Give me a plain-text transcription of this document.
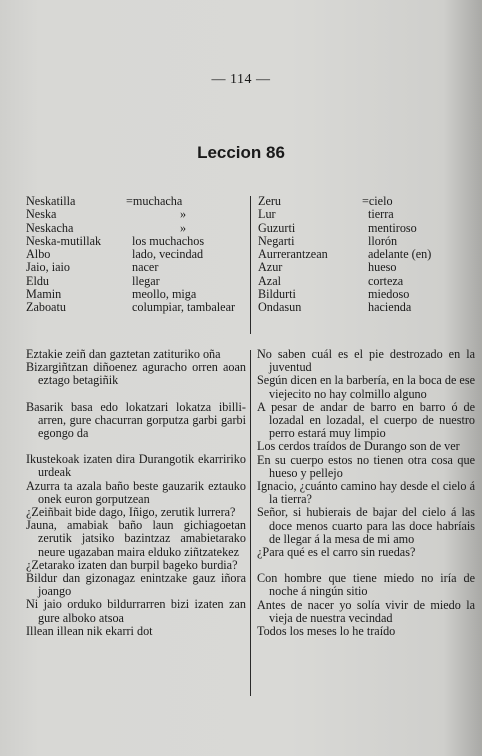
— 114 —
Leccion 86
Neskatilla	=muchacha
Neska	»
Neskacha	»
Neska-mutillak	los muchachos
Albo	lado, vecindad
Jaio, iaio	nacer
Eldu	llegar
Mamin	meollo, miga
Zaboatu	columpiar, tambalear
Zeru	=cielo
Lur	tierra
Guzurti	mentiroso
Negarti	llorón
Aurrerantzean	adelante (en)
Azur	hueso
Azal	corteza
Bildurti	miedoso
Ondasun	hacienda

Eztakie zeiñ dan gaztetan zatituriko oña

Bizargiñtzan diñoenez aguracho orren aoan eztago betagiñik

Basarik basa edo lokatzari lokatza ibilli-arren, gure chacurran gorputza garbi garbi egongo da

Ikustekoak izaten dira Durangotik ekarririko urdeak

Azurra ta azala baño beste gauzarik eztauko onek euron gorputzean

¿Zeiñbait bide dago, Iñigo, zerutik lurrera?

Jauna, amabiak baño laun gichiagoetan zerutik jatsiko bazintzaz amabietarako neure ugazaban maira elduko ziñtzatekez

¿Zetarako izaten dan burpil bageko burdia?

Bildur dan gizonagaz enintzake gauz iñora joango

Ni jaio orduko bildurrarren bizi izaten zan gure alboko atsoa

Illean illean nik ekarri dot

No saben cuál es el pie destrozado en la juventud

Según dicen en la barbería, en la boca de ese viejecito no hay colmillo alguno

A pesar de andar de barro en barro ó de lozadal en lozadal, el cuerpo de nuestro perro estará muy limpio

Los cerdos traídos de Durango son de ver

En su cuerpo estos no tienen otra cosa que hueso y pellejo

Ignacio, ¿cuánto camino hay desde el cielo á la tierra?

Señor, si hubierais de bajar del cielo á las doce menos cuarto para las doce habríais de llegar á la mesa de mi amo

¿Para qué es el carro sin ruedas?

Con hombre que tiene miedo no iría de noche á ningún sitio

Antes de nacer yo solía vivir de miedo la vieja de nuestra vecindad

Todos los meses lo he traído
